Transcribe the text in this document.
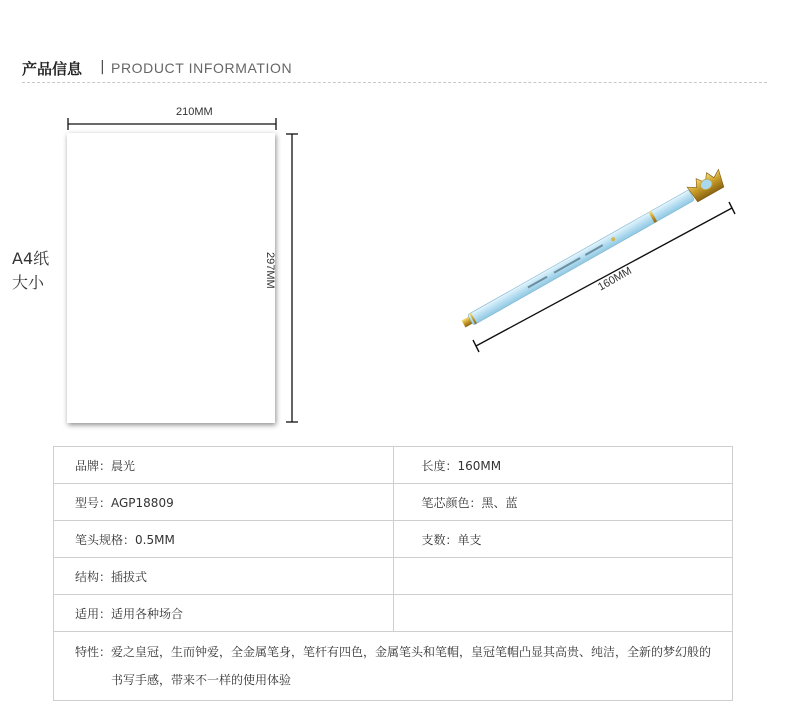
产品信息 | PRODUCT INFORMATION
210MM
297MM
A4纸
大小	160MM
品牌：晨光	长度：160MM
型号：AGP18809	笔芯颜色：黑、蓝
笔头规格：0.5MM	支数：单支
结构：插拔式	
适用：适用各种场合	

特性： 爱之皇冠，生而钟爱，全金属笔身，笔杆有四色，金属笔头和笔帽，皇冠笔帽凸显其高贵、纯洁，全新的梦幻般的书写手感，带来不一样的使用体验	
